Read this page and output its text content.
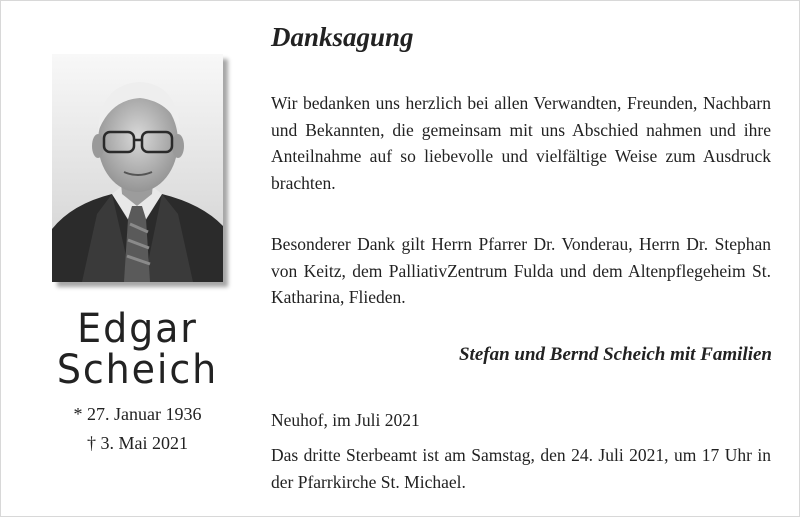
Edgar
Scheich
* 27. Januar 1936
† 3. Mai 2021
Danksagung
Wir bedanken uns herzlich bei allen Verwandten, Freunden, Nachbarn und Bekannten, die gemeinsam mit uns Abschied nahmen und ihre Anteilnahme auf so liebevolle und vielfältige Weise zum Ausdruck brachten.
Besonderer Dank gilt Herrn Pfarrer Dr. Vonderau, Herrn Dr. Stephan von Keitz, dem PalliativZentrum Fulda und dem Altenpflegeheim St. Katharina, Flieden.
Stefan und Bernd Scheich mit Familien
Neuhof, im Juli 2021
Das dritte Sterbeamt ist am Samstag, den 24. Juli 2021, um 17 Uhr in der Pfarrkirche St. Michael.
